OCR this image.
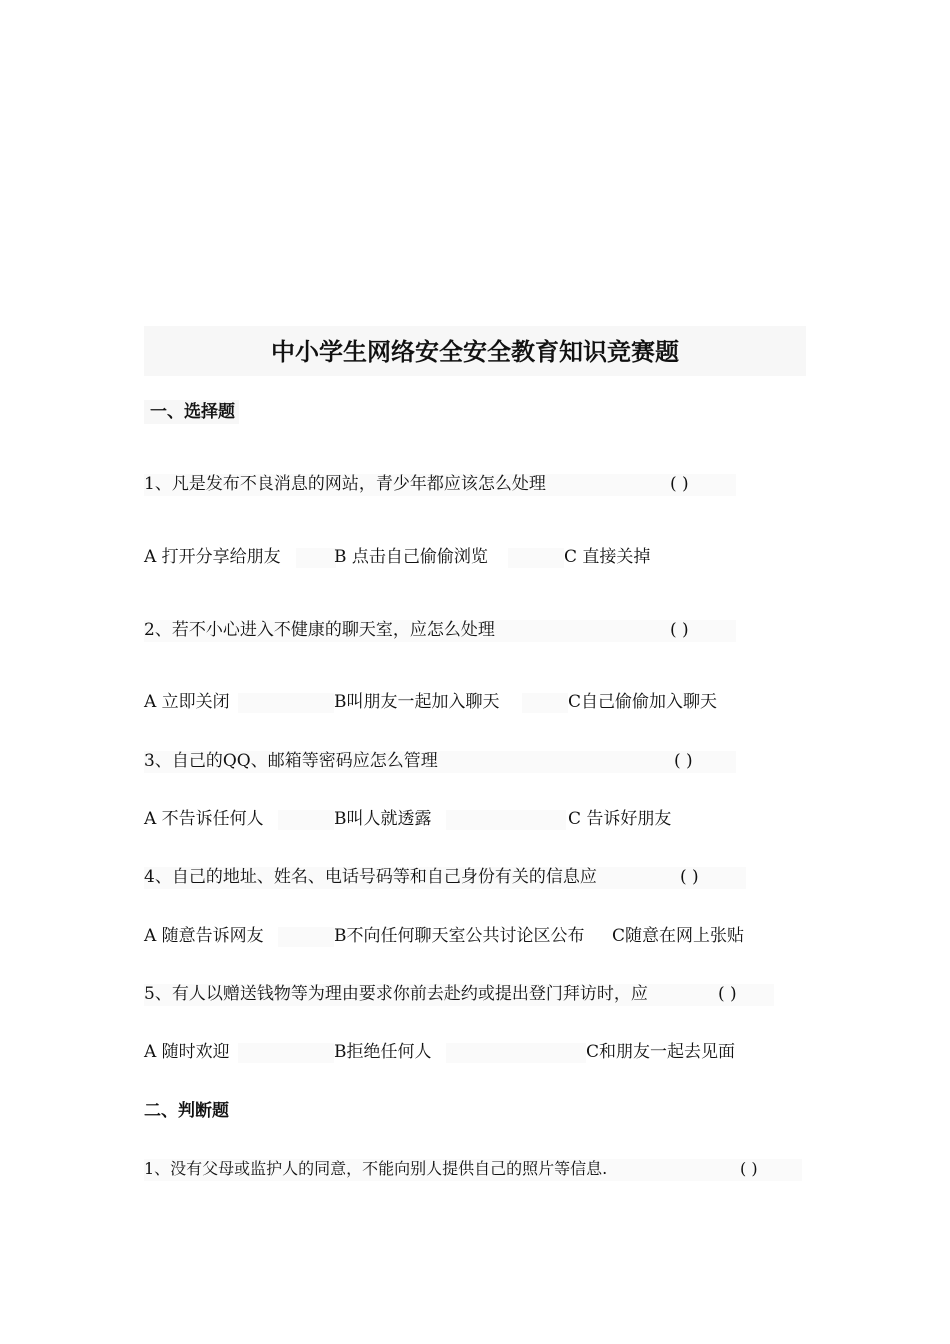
中小学生网络安全安全教育知识竞赛题
一、选择题
1、凡是发布不良消息的网站，青少年都应该怎么处理	( )
A 打开分享给朋友	B 点击自己偷偷浏览	C 直接关掉
2、若不小心进入不健康的聊天室，应怎么处理	( )
A 立即关闭	B叫朋友一起加入聊天	C自己偷偷加入聊天
3、自己的QQ、邮箱等密码应怎么管理	( )
A 不告诉任何人	B叫人就透露	C 告诉好朋友
4、自己的地址、姓名、电话号码等和自己身份有关的信息应	( )
A 随意告诉网友	B不向任何聊天室公共讨论区公布 C随意在网上张贴
5、有人以赠送钱物等为理由要求你前去赴约或提出登门拜访时，应	( )
A 随时欢迎	B拒绝任何人	C和朋友一起去见面
二、判断题
1、没有父母或监护人的同意，不能向别人提供自己的照片等信息.	( )
